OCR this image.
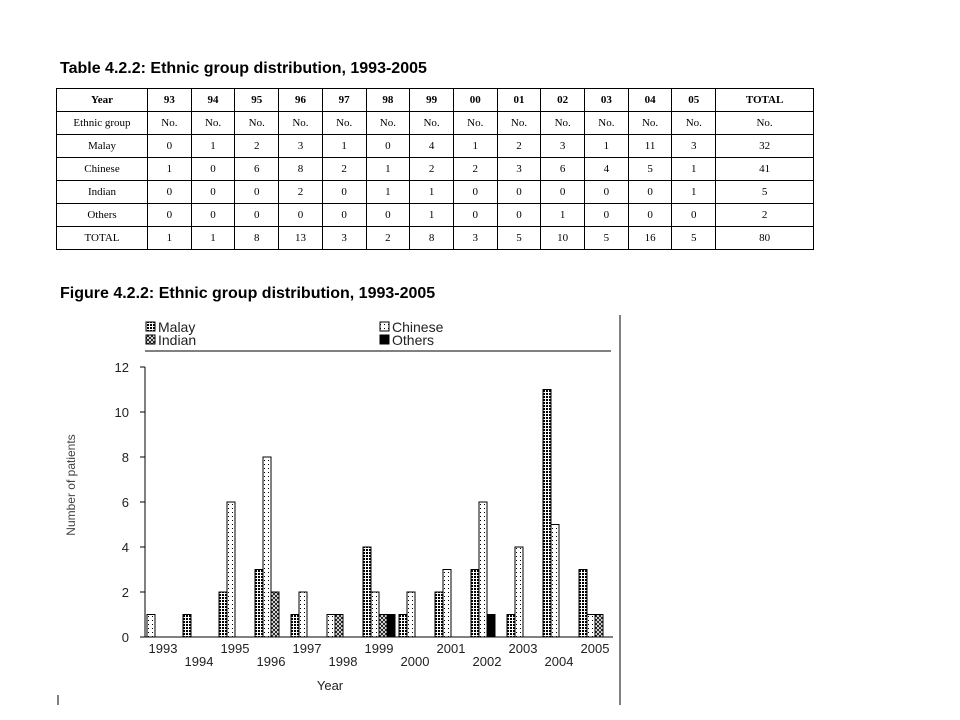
Table 4.2.2: Ethnic group distribution, 1993-2005
Year	93	94	95	96	97	98	99	00	01	02	03	04	05	TOTAL
Ethnic group	No.	No.	No.	No.	No.	No.	No.	No.	No.	No.	No.	No.	No.	No.
Malay	0	1	2	3	1	0	4	1	2	3	1	11	3	32
Chinese	1	0	6	8	2	1	2	2	3	6	4	5	1	41
Indian	0	0	0	2	0	1	1	0	0	0	0	0	1	5
Others	0	0	0	0	0	0	1	0	0	1	0	0	0	2
TOTAL	1	1	8	13	3	2	8	3	5	10	5	16	5	80
Figure 4.2.2: Ethnic group distribution, 1993-2005
Malay	Chinese
Indian	Others
0
2
4
6
8
10
12
1993
1994
1995
1996
1997
1998
1999
2000
2001
2002
2003
2004
2005
Number of patients
Year
